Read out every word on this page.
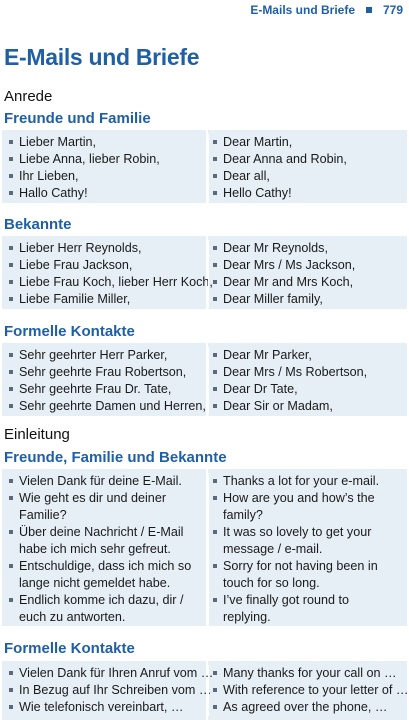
E-Mails und Briefe 779
E-Mails und Briefe
Anrede
Freunde und Familie
Lieber Martin,
Liebe Anna, lieber Robin,
Ihr Lieben,
Hallo Cathy!
Dear Martin,
Dear Anna and Robin,
Dear all,
Hello Cathy!
Bekannte
Lieber Herr Reynolds,
Liebe Frau Jackson,
Liebe Frau Koch, lieber Herr Koch,
Liebe Familie Miller,
Dear Mr Reynolds,
Dear Mrs / Ms Jackson,
Dear Mr and Mrs Koch,
Dear Miller family,
Formelle Kontakte
Sehr geehrter Herr Parker,
Sehr geehrte Frau Robertson,
Sehr geehrte Frau Dr. Tate,
Sehr geehrte Damen und Herren,
Dear Mr Parker,
Dear Mrs / Ms Robertson,
Dear Dr Tate,
Dear Sir or Madam,
Einleitung
Freunde, Familie und Bekannte
Vielen Dank für deine E-Mail.
Wie geht es dir und deiner Familie?
Über deine Nachricht / E-Mail habe ich mich sehr gefreut.
Entschuldige, dass ich mich so lange nicht gemeldet habe.
Endlich komme ich dazu, dir / euch zu antworten.
Thanks a lot for your e-mail.
How are you and how’s the family?
It was so lovely to get your message / e-mail.
Sorry for not having been in touch for so long.
I’ve finally got round to replying.
Formelle Kontakte
Vielen Dank für Ihren Anruf vom …
In Bezug auf Ihr Schreiben vom …
Wie telefonisch vereinbart, …
Many thanks for your call on …
With reference to your letter of …
As agreed over the phone, …
